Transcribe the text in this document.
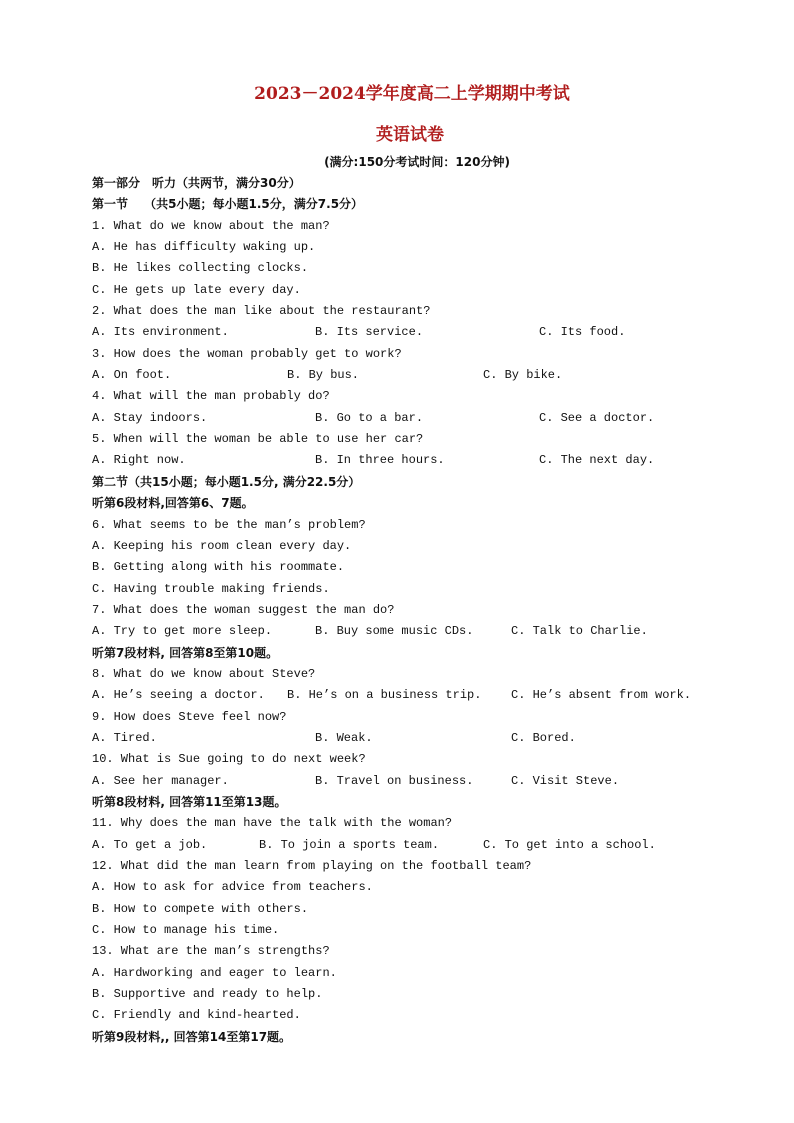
2023－2024学年度高二上学期期中考试
英语试卷
(满分:150分考试时间：120分钟)
第一部分　听力（共两节，满分30分）
第一节　 （共5小题；每小题1.5分，满分7.5分）
1. What do we know about the man?
A. He has difficulty waking up.
B. He likes collecting clocks.
C. He gets up late every day.
2. What does the man like about the restaurant?
A. Its environment.	B. Its service.	C. Its food.
3. How does the woman probably get to work?
A. On foot.	B. By bus.	C. By bike.
4. What will the man probably do?
A. Stay indoors.	B. Go to a bar.	C. See a doctor.
5. When will the woman be able to use her car?
A. Right now.	B. In three hours.	C. The next day.
第二节（共15小题；每小题1.5分, 满分22.5分）
听第6段材料,回答第6、7题。
6. What seems to be the man’s problem?
A. Keeping his room clean every day.
B. Getting along with his roommate.
C. Having trouble making friends.
7. What does the woman suggest the man do?
A. Try to get more sleep.	B. Buy some music CDs.	C. Talk to Charlie.
听第7段材料, 回答第8至第10题。
8. What do we know about Steve?
A. He’s seeing a doctor. B. He’s on a business trip. C. He’s absent from work.
9. How does Steve feel now?
A. Tired.	B. Weak.	C. Bored.
10. What is Sue going to do next week?
A. See her manager.	B. Travel on business.	C. Visit Steve.
听第8段材料, 回答第11至第13题。
11. Why does the man have the talk with the woman?
A. To get a job.	B. To join a sports team.	C. To get into a school.
12. What did the man learn from playing on the football team?
A. How to ask for advice from teachers.
B. How to compete with others.
C. How to manage his time.
13. What are the man’s strengths?
A. Hardworking and eager to learn.
B. Supportive and ready to help.
C. Friendly and kind-hearted.
听第9段材料,, 回答第14至第17题。
